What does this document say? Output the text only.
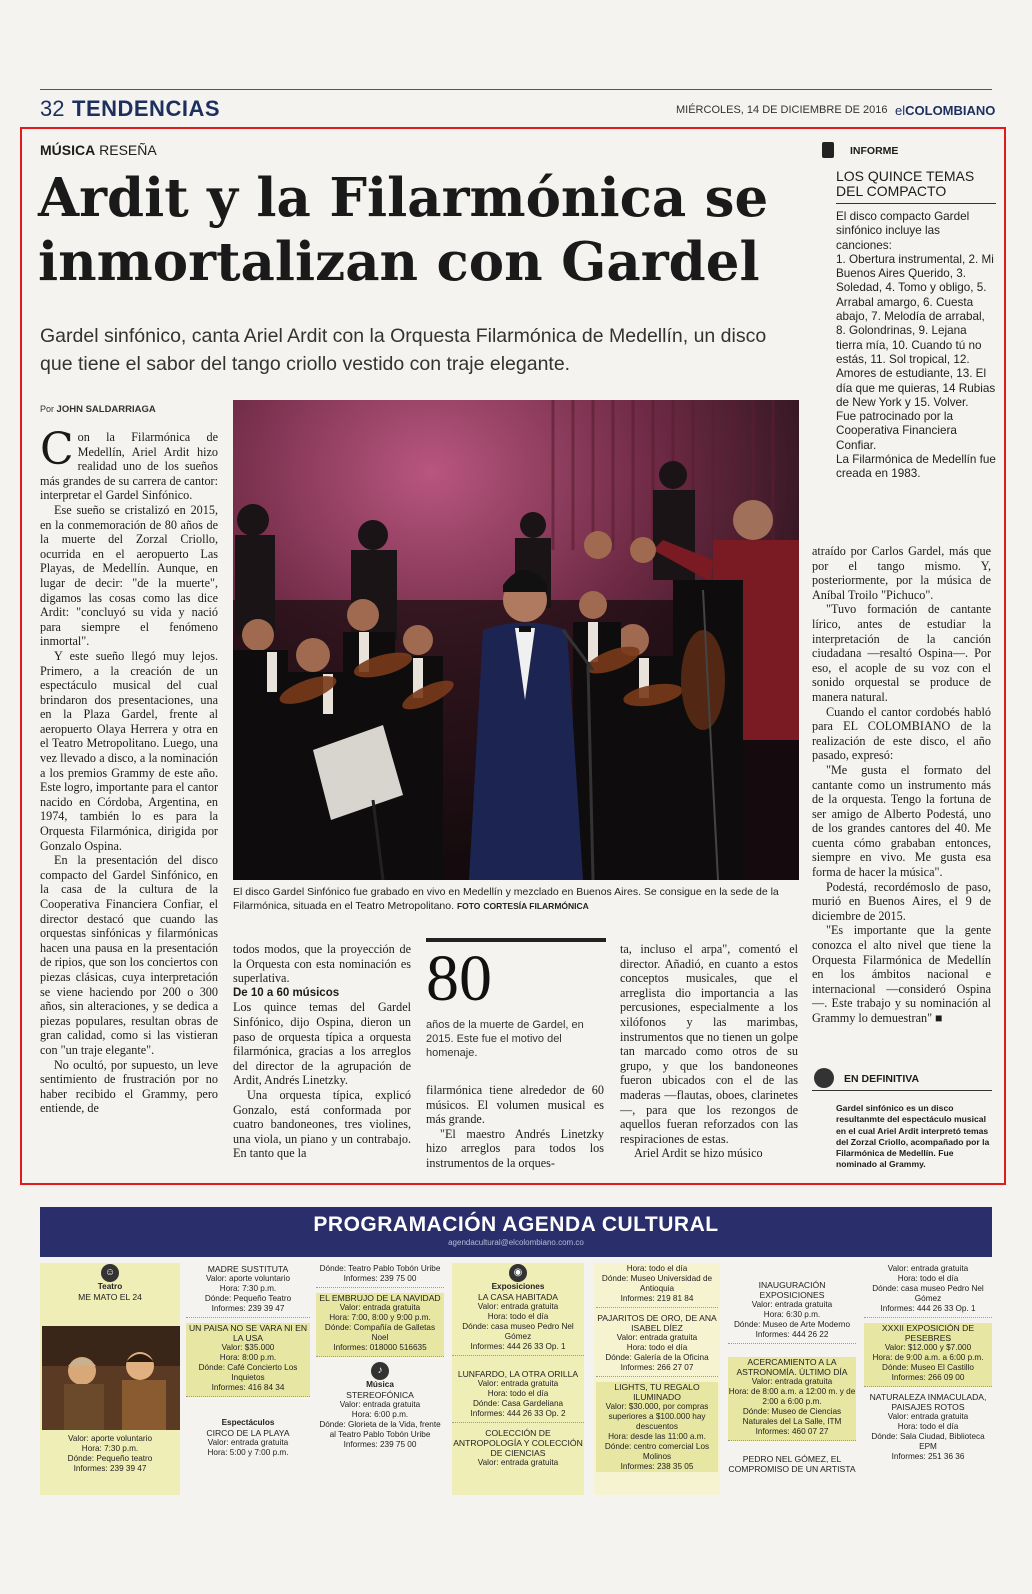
32 TENDENCIAS	MIÉRCOLES, 14 DE DICIEMBRE DE 2016 elCOLOMBIANO
MÚSICA RESEÑA
Ardit y la Filarmónica se inmortalizan con Gardel
Gardel sinfónico, canta Ariel Ardit con la Orquesta Filarmónica de Medellín, un disco que tiene el sabor del tango criollo vestido con traje elegante.
Por JOHN SALDARRIAGA

Con la Filarmónica de Medellín, Ariel Ardit hizo realidad uno de los sueños más grandes de su carrera de cantor: interpretar el Gardel Sinfónico.

Ese sueño se cristalizó en 2015, en la conmemoración de 80 años de la muerte del Zorzal Criollo, ocurrida en el aeropuerto Las Playas, de Medellín. Aunque, en lugar de decir: "de la muerte", digamos las cosas como las dice Ardit: "concluyó su vida y nació para siempre el fenómeno inmortal".

Y este sueño llegó muy lejos. Primero, a la creación de un espectáculo musical del cual brindaron dos presentaciones, una en la Plaza Gardel, frente al aeropuerto Olaya Herrera y otra en el Teatro Metropolitano. Luego, una vez llevado a disco, a la nominación a los premios Grammy de este año. Este logro, importante para el cantor nacido en Córdoba, Argentina, en 1974, también lo es para la Orquesta Filarmónica, dirigida por Gonzalo Ospina.

En la presentación del disco compacto del Gardel Sinfónico, en la casa de la cultura de la Cooperativa Financiera Confiar, el director destacó que cuando las orquestas sinfónicas y filarmónicas hacen una pausa en la presentación de ripios, que son los conciertos con piezas clásicas, cuya interpretación se viene haciendo por 200 o 300 años, sin alteraciones, y se dedica a piezas populares, resultan obras de gran calidad, como si las vistieran con "un traje elegante".

No ocultó, por supuesto, un leve sentimiento de frustración por no haber recibido el Grammy, pero entiende, de

El disco Gardel Sinfónico fue grabado en vivo en Medellín y mezclado en Buenos Aires. Se consigue en la sede de la Filarmónica, situada en el Teatro Metropolitano. FOTO CORTESÍA FILARMÓNICA

todos modos, que la proyección de la Orquesta con esta nominación es superlativa.

De 10 a 60 músicos

Los quince temas del Gardel Sinfónico, dijo Ospina, dieron un paso de orquesta típica a orquesta filarmónica, gracias a los arreglos del director de la agrupación de Ardit, Andrés Linetzky.

Una orquesta típica, explicó Gonzalo, está conformada por cuatro bandoneones, tres violines, una viola, un piano y un contrabajo. En tanto que la

80
años de la muerte de Gardel, en 2015. Este fue el motivo del homenaje.

filarmónica tiene alrededor de 60 músicos. El volumen musical es más grande.

"El maestro Andrés Linetzky hizo arreglos para todos los instrumentos de la orques-

ta, incluso el arpa", comentó el director. Añadió, en cuanto a estos conceptos musicales, que el arreglista dio importancia a las percusiones, especialmente a los xilófonos y las marimbas, instrumentos que no tienen un golpe tan marcado como otros de su grupo, y que los bandoneones fueron ubicados con el de las maderas —flautas, oboes, clarinetes—, para que los rezongos de aquellos fueran reforzados con las respiraciones de estas.

Ariel Ardit se hizo músico

atraído por Carlos Gardel, más que por el tango mismo. Y, posteriormente, por la música de Aníbal Troilo "Pichuco".

"Tuvo formación de cantante lírico, antes de estudiar la interpretación de la canción ciudadana —resaltó Ospina—. Por eso, el acople de su voz con el sonido orquestal se produce de manera natural.

Cuando el cantor cordobés habló para EL COLOMBIANO de la realización de este disco, el año pasado, expresó:

"Me gusta el formato del cantante como un instrumento más de la orquesta. Tengo la fortuna de ser amigo de Alberto Podestá, uno de los grandes cantores del 40. Me cuenta cómo grababan entonces, siempre en vivo. Me gusta esa forma de hacer la música".

Podestá, recordémoslo de paso, murió en Buenos Aires, el 9 de diciembre de 2015.

"Es importante que la gente conozca el alto nivel que tiene la Orquesta Filarmónica de Medellín en los ámbitos nacional e internacional —consideró Ospina—. Este trabajo y su nominación al Grammy lo demuestran" ■

INFORME
LOS QUINCE TEMAS DEL COMPACTO

El disco compacto Gardel sinfónico incluye las canciones:

1. Obertura instrumental, 2. Mi Buenos Aires Querido, 3. Soledad, 4. Tomo y obligo, 5. Arrabal amargo, 6. Cuesta abajo, 7. Melodía de arrabal, 8. Golondrinas, 9. Lejana tierra mía, 10. Cuando tú no estás, 11. Sol tropical, 12. Amores de estudiante, 13. El día que me quieras, 14 Rubias de New York y 15. Volver.

Fue patrocinado por la Cooperativa Financiera Confiar.

La Filarmónica de Medellín fue creada en 1983.

EN DEFINITIVA
Gardel sinfónico es un disco resultanmte del espectáculo musical en el cual Ariel Ardit interpretó temas del Zorzal Criollo, acompañado por la Filarmónica de Medellín. Fue nominado al Grammy.
PROGRAMACIÓN AGENDA CULTURAL
agendacultural@elcolombiano.com.co
☺
Teatro
ME MATO EL 24
Valor: aporte voluntario
Hora: 7:30 p.m.
Dónde: Pequeño teatro
Informes: 239 39 47
MADRE SUSTITUTA
Valor: aporte voluntario
Hora: 7:30 p.m.
Dónde: Pequeño Teatro
Informes: 239 39 47
UN PAISA NO SE VARA NI EN LA USA
Valor: $35.000
Hora: 8:00 p.m.
Dónde: Café Concierto Los Inquietos
Informes: 416 84 34
Espectáculos
CIRCO DE LA PLAYA
Valor: entrada gratuita
Hora: 5:00 y 7:00 p.m.
Dónde: Teatro Pablo Tobón Uribe
Informes: 239 75 00
EL EMBRUJO DE LA NAVIDAD
Valor: entrada gratuita
Hora: 7:00, 8:00 y 9:00 p.m.
Dónde: Compañía de Galletas Noel
Informes: 018000 516635
♪
Música
STEREOFÓNICA
Valor: entrada gratuita
Hora: 6:00 p.m.
Dónde: Glorieta de la Vida, frente al Teatro Pablo Tobón Uribe
Informes: 239 75 00
◉
Exposiciones
LA CASA HABITADA
Valor: entrada gratuita
Hora: todo el día
Dónde: casa museo Pedro Nel Gómez
Informes: 444 26 33 Op. 1
LUNFARDO, LA OTRA ORILLA
Valor: entrada gratuita
Hora: todo el día
Dónde: Casa Gardeliana
Informes: 444 26 33 Op. 2
COLECCIÓN DE ANTROPOLOGÍA Y COLECCIÓN DE CIENCIAS
Valor: entrada gratuita
Hora: todo el día
Dónde: Museo Universidad de Antioquia
Informes: 219 81 84
PAJARITOS DE ORO, DE ANA ISABEL DÍEZ
Valor: entrada gratuita
Hora: todo el día
Dónde: Galería de la Oficina
Informes: 266 27 07
LIGHTS, TU REGALO ILUMINADO
Valor: $30.000, por compras superiores a $100.000 hay descuentos
Hora: desde las 11:00 a.m.
Dónde: centro comercial Los Molinos
Informes: 238 35 05
INAUGURACIÓN EXPOSICIONES
Valor: entrada gratuita
Hora: 6:30 p.m.
Dónde: Museo de Arte Moderno
Informes: 444 26 22
ACERCAMIENTO A LA ASTRONOMÍA. ÚLTIMO DÍA
Valor: entrada gratuita
Hora: de 8:00 a.m. a 12:00 m. y de 2:00 a 6:00 p.m.
Dónde: Museo de Ciencias Naturales del La Salle, ITM
Informes: 460 07 27
PEDRO NEL GÓMEZ, EL COMPROMISO DE UN ARTISTA
Valor: entrada gratuita
Hora: todo el día
Dónde: casa museo Pedro Nel Gómez
Informes: 444 26 33 Op. 1
XXXII EXPOSICIÓN DE PESEBRES
Valor: $12.000 y $7.000
Hora: de 9:00 a.m. a 6:00 p.m.
Dónde: Museo El Castillo
Informes: 266 09 00
NATURALEZA INMACULADA, PAISAJES ROTOS
Valor: entrada gratuita
Hora: todo el día
Dónde: Sala Ciudad, Biblioteca EPM
Informes: 251 36 36
